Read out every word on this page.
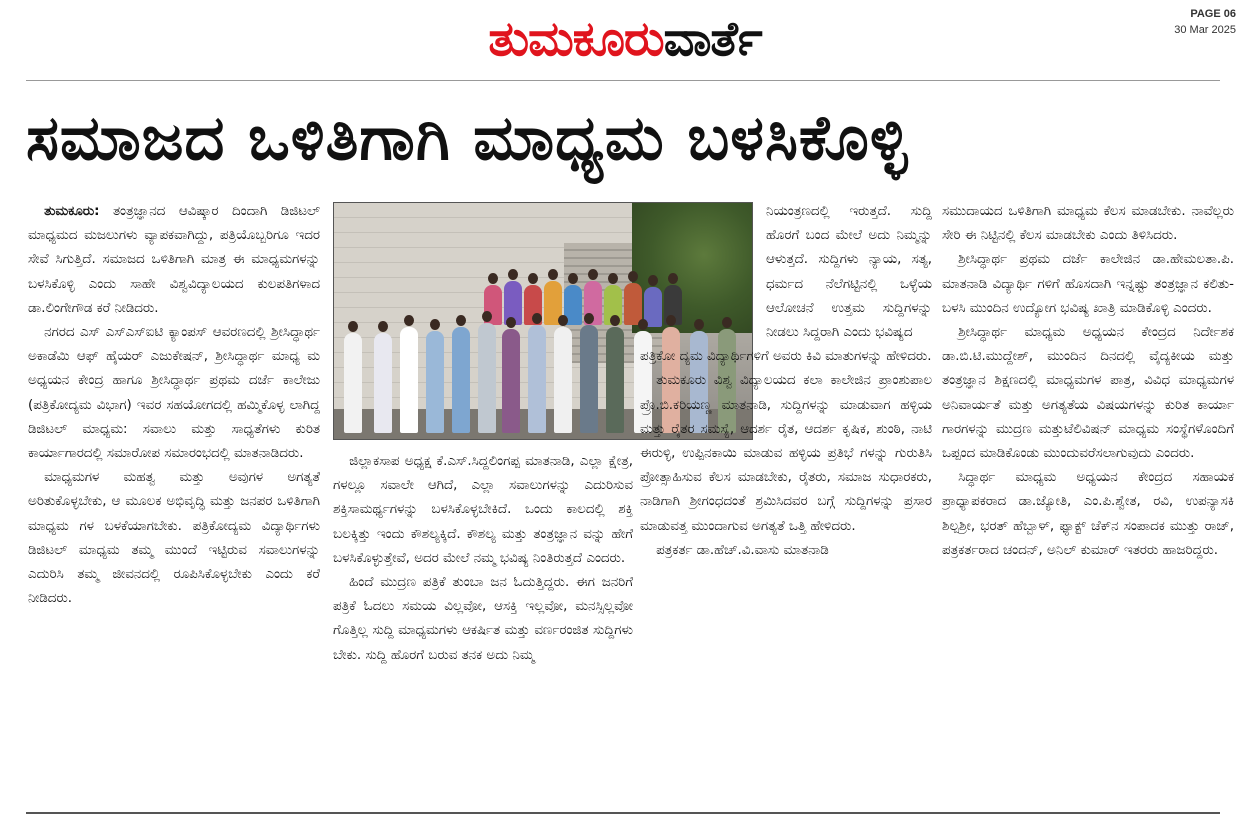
ತುಮಕೂರುವಾರ್ತೆ	PAGE 06
30 Mar 2025
ಸಮಾಜದ ಒಳಿತಿಗಾಗಿ ಮಾಧ್ಯಮ ಬಳಸಿಕೊಳ್ಳಿ

ತುಮಕೂರು: ತಂತ್ರಜ್ಞಾನದ ಆವಿಷ್ಕಾರ ದಿಂದಾಗಿ ಡಿಜಿಟಲ್ ಮಾಧ್ಯಮದ ಮಜಲುಗಳು ವ್ಯಾಪಕವಾಗಿದ್ದು, ಪತ್ರಿಯೊಬ್ಬರಿಗೂ ಇದರ ಸೇವೆ ಸಿಗುತ್ತಿದೆ. ಸಮಾಜದ ಒಳಿತಿಗಾಗಿ ಮಾತ್ರ ಈ ಮಾಧ್ಯಮಗಳನ್ನು ಬಳಸಿಕೊಳ್ಳಿ ಎಂದು ಸಾಹೇ ವಿಶ್ವವಿದ್ಯಾಲಯದ ಕುಲಪತಿಗಳಾದ ಡಾ.ಲಿಂಗೇಗೌಡ ಕರೆ ನೀಡಿದರು.

ನಗರದ ಎಸ್ ಎಸ್‌ಎಸ್‌ಐಟಿ ಕ್ಯಾಂಪಸ್ ಆವರಣದಲ್ಲಿ ಶ್ರೀಸಿದ್ಧಾರ್ಥ ಅಕಾಡೆಮಿ ಆಫ್ ಹೈಯರ್ ಎಜುಕೇಷನ್, ಶ್ರೀಸಿದ್ಧಾರ್ಥ ಮಾಧ್ಯ ಮ ಅಧ್ಯಯನ ಕೇಂದ್ರ ಹಾಗೂ ಶ್ರೀಸಿದ್ಧಾರ್ಥ ಪ್ರಥಮ ದರ್ಜೆ ಕಾಲೇಜು (ಪತ್ರಿಕೋದ್ಯಮ ವಿಭಾಗ) ಇವರ ಸಹಯೋಗದಲ್ಲಿ ಹಮ್ಮಿಕೊಳ್ಳ ಲಾಗಿದ್ದ ಡಿಜಿಟಲ್ ಮಾಧ್ಯಮ: ಸವಾಲು ಮತ್ತು ಸಾಧ್ಯತೆಗಳು ಕುರಿತ ಕಾರ್ಯಾಗಾರದಲ್ಲಿ ಸಮಾರೋಪ ಸಮಾರಂಭದಲ್ಲಿ ಮಾತನಾಡಿದರು.

ಮಾಧ್ಯಮಗಳ ಮಹತ್ವ ಮತ್ತು ಅವುಗಳ ಅಗತ್ಯತೆ ಅರಿತುಕೊಳ್ಳಬೇಕು, ಆ ಮೂಲಕ ಅಭಿವೃದ್ಧಿ ಮತ್ತು ಜನಪರ ಒಳಿತಿಗಾಗಿ ಮಾಧ್ಯಮ ಗಳ ಬಳಕೆಯಾಗಬೇಕು. ಪತ್ರಿಕೋದ್ಯಮ ವಿದ್ಯಾರ್ಥಿಗಳು ಡಿಜಿಟಲ್ ಮಾಧ್ಯಮ ತಮ್ಮ ಮುಂದೆ ಇಟ್ಟಿರುವ ಸವಾಲುಗಳನ್ನು ಎದುರಿಸಿ ತಮ್ಮ ಜೀವನದಲ್ಲಿ ರೂಪಿಸಿಕೊಳ್ಳಬೇಕು ಎಂದು ಕರೆ ನೀಡಿದರು.

ಜಿಲ್ಲಾಕಸಾಪ ಅಧ್ಯಕ್ಷ ಕೆ.ಎಸ್.ಸಿದ್ದಲಿಂಗಪ್ಪ ಮಾತನಾಡಿ, ಎಲ್ಲಾ ಕ್ಷೇತ್ರ, ಗಳಲ್ಲೂ ಸವಾಲೇ ಆಗಿದೆ, ಎಲ್ಲಾ ಸವಾಲುಗಳನ್ನು ಎದುರಿಸುವ ಶಕ್ತಿಸಾಮರ್ಥ್ಯಗಳನ್ನು ಬಳಸಿಕೊಳ್ಳಬೇಕಿದೆ. ಒಂದು ಕಾಲದಲ್ಲಿ ಶಕ್ತಿ ಬಲಕ್ಕಿತ್ತು ಇಂದು ಕೌಶಲ್ಯಕ್ಕಿದೆ. ಕೌಶಲ್ಯ ಮತ್ತು ತಂತ್ರಜ್ಞಾನ ವನ್ನು ಹೇಗೆ ಬಳಸಿಕೊಳ್ಳುತ್ತೇವೆ, ಅದರ ಮೇಲೆ ನಮ್ಮ ಭವಿಷ್ಯ ನಿಂತಿರುತ್ತದೆ ಎಂದರು.

ಹಿಂದೆ ಮುದ್ರಣ ಪತ್ರಿಕೆ ತುಂಬಾ ಜನ ಓದುತ್ತಿದ್ದರು. ಈಗ ಜನರಿಗೆ ಪತ್ರಿಕೆ ಓದಲು ಸಮಯ ವಿಲ್ಲವೋ, ಆಸಕ್ತಿ ಇಲ್ಲವೋ, ಮನಸ್ಸಿಲ್ಲವೋ ಗೊತ್ತಿಲ್ಲ ಸುದ್ದಿ ಮಾಧ್ಯಮಗಳು ಆಕರ್ಷಿತ ಮತ್ತು ವರ್ಣರಂಜಿತ ಸುದ್ದಿಗಳು ಬೇಕು. ಸುದ್ದಿ ಹೊರಗೆ ಬರುವ ತನಕ ಅದು ನಿಮ್ಮ

ನಿಯಂತ್ರಣದಲ್ಲಿ ಇರುತ್ತದೆ. ಸುದ್ದಿ ಹೊರಗೆ ಬಂದ ಮೇಲೆ ಅದು ನಿಮ್ಮನ್ನು ಆಳುತ್ತದೆ. ಸುದ್ದಿಗಳು ನ್ಯಾಯ, ಸತ್ಯ, ಧರ್ಮದ ನೆಲೆಗಟ್ಟಿನಲ್ಲಿ ಒಳ್ಳೆಯ ಆಲೋಚನೆ ಉತ್ತಮ ಸುದ್ದಿಗಳನ್ನು ನೀಡಲು ಸಿದ್ದರಾಗಿ ಎಂದು ಭವಿಷ್ಯದ

ಪತ್ರಿಕೋ ದ್ಯಮ ವಿದ್ಯಾರ್ಥಿಗಳಿಗೆ ಅವರು ಕಿವಿ ಮಾತುಗಳನ್ನು ಹೇಳಿದರು.

ತುಮಕೂರು ವಿಶ್ವ ವಿದ್ಯಾಲಯದ ಕಲಾ ಕಾಲೇಜಿನ ಪ್ರಾಂಶುಪಾಲ ಪ್ರೊ.ಬಿ.ಕರಿಯಣ್ಣ ಮಾತನಾಡಿ, ಸುದ್ದಿಗಳನ್ನು ಮಾಡುವಾಗ ಹಳ್ಳಿಯ ಮತ್ತು ರೈತರ ಸಮಸ್ಯೆ, ಆದರ್ಶ ರೈತ, ಆದರ್ಶ ಕೃಷಿಕ, ಶುಂಠಿ, ನಾಟಿ ಈರುಳ್ಳಿ, ಉಪ್ಪಿನಕಾಯಿ ಮಾಡುವ ಹಳ್ಳಿಯ ಪ್ರತಿಭೆ ಗಳನ್ನು ಗುರುತಿಸಿ ಪ್ರೋತ್ಸಾಹಿಸುವ ಕೆಲಸ ಮಾಡಬೇಕು, ರೈತರು, ಸಮಾಜ ಸುಧಾರಕರು, ನಾಡಿಗಾಗಿ ಶ್ರೀಗಂಧದಂತೆ ಶ್ರಮಿಸಿದವರ ಬಗ್ಗೆ ಸುದ್ದಿಗಳನ್ನು ಪ್ರಸಾರ ಮಾಡುವತ್ತ ಮುಂದಾಗುವ ಅಗತ್ಯತೆ ಒತ್ತಿ ಹೇಳಿದರು.

ಪತ್ರಕರ್ತ ಡಾ.ಹೆಚ್.ವಿ.ವಾಸು ಮಾತನಾಡಿ

ಸಮುದಾಯದ ಒಳಿತಿಗಾಗಿ ಮಾಧ್ಯಮ ಕೆಲಸ ಮಾಡಬೇಕು. ನಾವೆಲ್ಲರು ಸೇರಿ ಈ ನಿಟ್ಟಿನಲ್ಲಿ ಕೆಲಸ ಮಾಡಬೇಕು ಎಂದು ತಿಳಿಸಿದರು.

ಶ್ರೀಸಿದ್ಧಾರ್ಥ ಪ್ರಥಮ ದರ್ಜೆ ಕಾಲೇಜಿನ ಡಾ.ಹೇಮಲತಾ.ಪಿ. ಮಾತನಾಡಿ ವಿದ್ಯಾರ್ಥಿ ಗಳಿಗೆ ಹೊಸದಾಗಿ ಇನ್ನಷ್ಟು ತಂತ್ರಜ್ಞಾನ ಕಲಿತು-ಬಳಸಿ ಮುಂದಿನ ಉದ್ಯೋಗ ಭವಿಷ್ಯ ಖಾತ್ರಿ ಮಾಡಿಕೊಳ್ಳಿ ಎಂದರು.

ಶ್ರೀಸಿದ್ಧಾರ್ಥ ಮಾಧ್ಯಮ ಅಧ್ಯಯನ ಕೇಂದ್ರದ ನಿರ್ದೇಶಕ ಡಾ.ಬಿ.ಟಿ.ಮುದ್ದೇಶ್, ಮುಂದಿನ ದಿನದಲ್ಲಿ ವೈದ್ಯಕೀಯ ಮತ್ತು ತಂತ್ರಜ್ಞಾನ ಶಿಕ್ಷಣದಲ್ಲಿ ಮಾಧ್ಯಮಗಳ ಪಾತ್ರ, ವಿವಿಧ ಮಾಧ್ಯಮಗಳ ಅನಿವಾರ್ಯತೆ ಮತ್ತು ಅಗತ್ಯತೆಯ ವಿಷಯಗಳನ್ನು ಕುರಿತ ಕಾರ್ಯಾ ಗಾರಗಳನ್ನು ಮುದ್ರಣ ಮತ್ತುಟೆಲಿವಿಷನ್ ಮಾಧ್ಯಮ ಸಂಸ್ಥೆಗಳೊಂದಿಗೆ ಒಪ್ಪಂದ ಮಾಡಿಕೊಂಡು ಮುಂದುವರೆಸಲಾಗುವುದು ಎಂದರು.

ಸಿದ್ಧಾರ್ಥ ಮಾಧ್ಯಮ ಅಧ್ಯಯನ ಕೇಂದ್ರದ ಸಹಾಯಕ ಪ್ರಾಧ್ಯಾಪಕರಾದ ಡಾ.ಜ್ಯೋತಿ, ಎಂ.ಪಿ.ಶ್ವೇತ, ರವಿ, ಉಪನ್ಯಾಸಕಿ ಶಿಲ್ಪಶ್ರೀ, ಭರತ್ ಹೆಬ್ಬಾಳ್, ಫ್ಯಾಕ್ಟ್ ಚೆಕ್‌ನ ಸಂಪಾದಕ ಮುತ್ತು ರಾಜ್, ಪತ್ರಕರ್ತರಾದ ಚಂದನ್, ಅನಿಲ್ ಕುಮಾರ್ ಇತರರು ಹಾಜರಿದ್ದರು.
